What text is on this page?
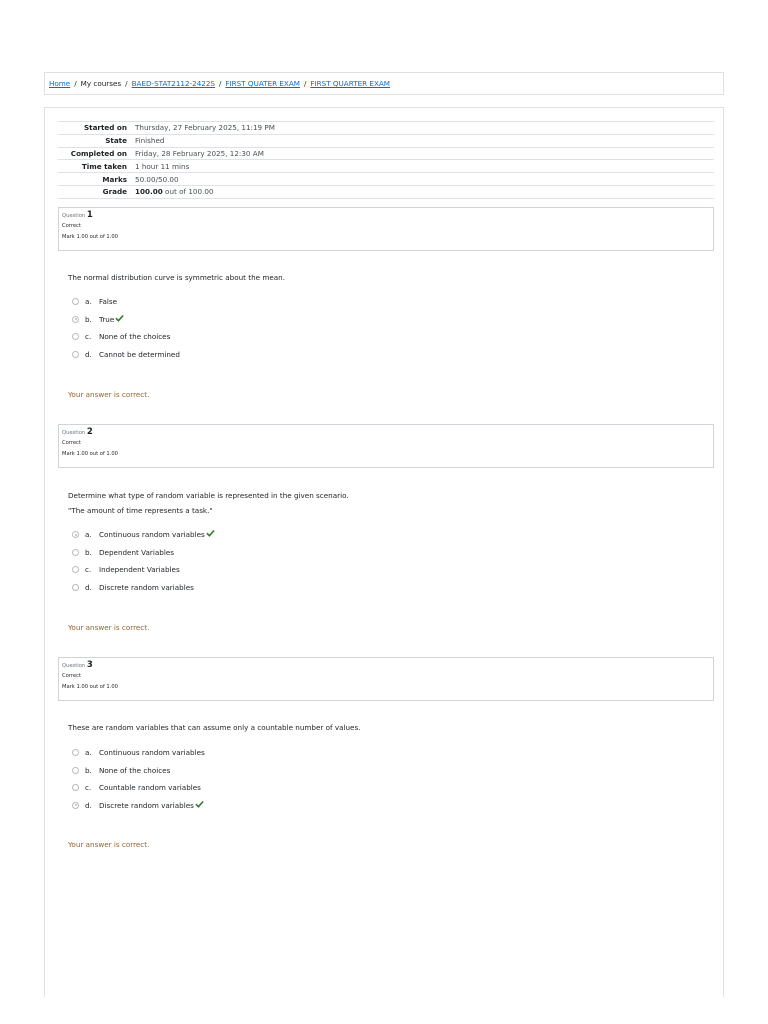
Home / My courses / BAED-STAT2112-2422S / FIRST QUATER EXAM / FIRST QUARTER EXAM
Started on	Thursday, 27 February 2025, 11:19 PM
State	Finished
Completed on	Friday, 28 February 2025, 12:30 AM
Time taken	1 hour 11 mins
Marks	50.00/50.00
Grade	100.00 out of 100.00
Question 1
Correct
Mark 1.00 out of 1.00
The normal distribution curve is symmetric about the mean.
a.	False
b. True
c.	None of the choices
d. Cannot be determined
Your answer is correct.
Question 2
Correct
Mark 1.00 out of 1.00
Determine what type of random variable is represented in the given scenario.
"The amount of time represents a task."
a.	Continuous random variables
b. Dependent Variables
c.	Independent Variables
d. Discrete random variables
Your answer is correct.
Question 3
Correct
Mark 1.00 out of 1.00
These are random variables that can assume only a countable number of values.
a.	Continuous random variables
b. None of the choices
c.	Countable random variables
d. Discrete random variables
Your answer is correct.
